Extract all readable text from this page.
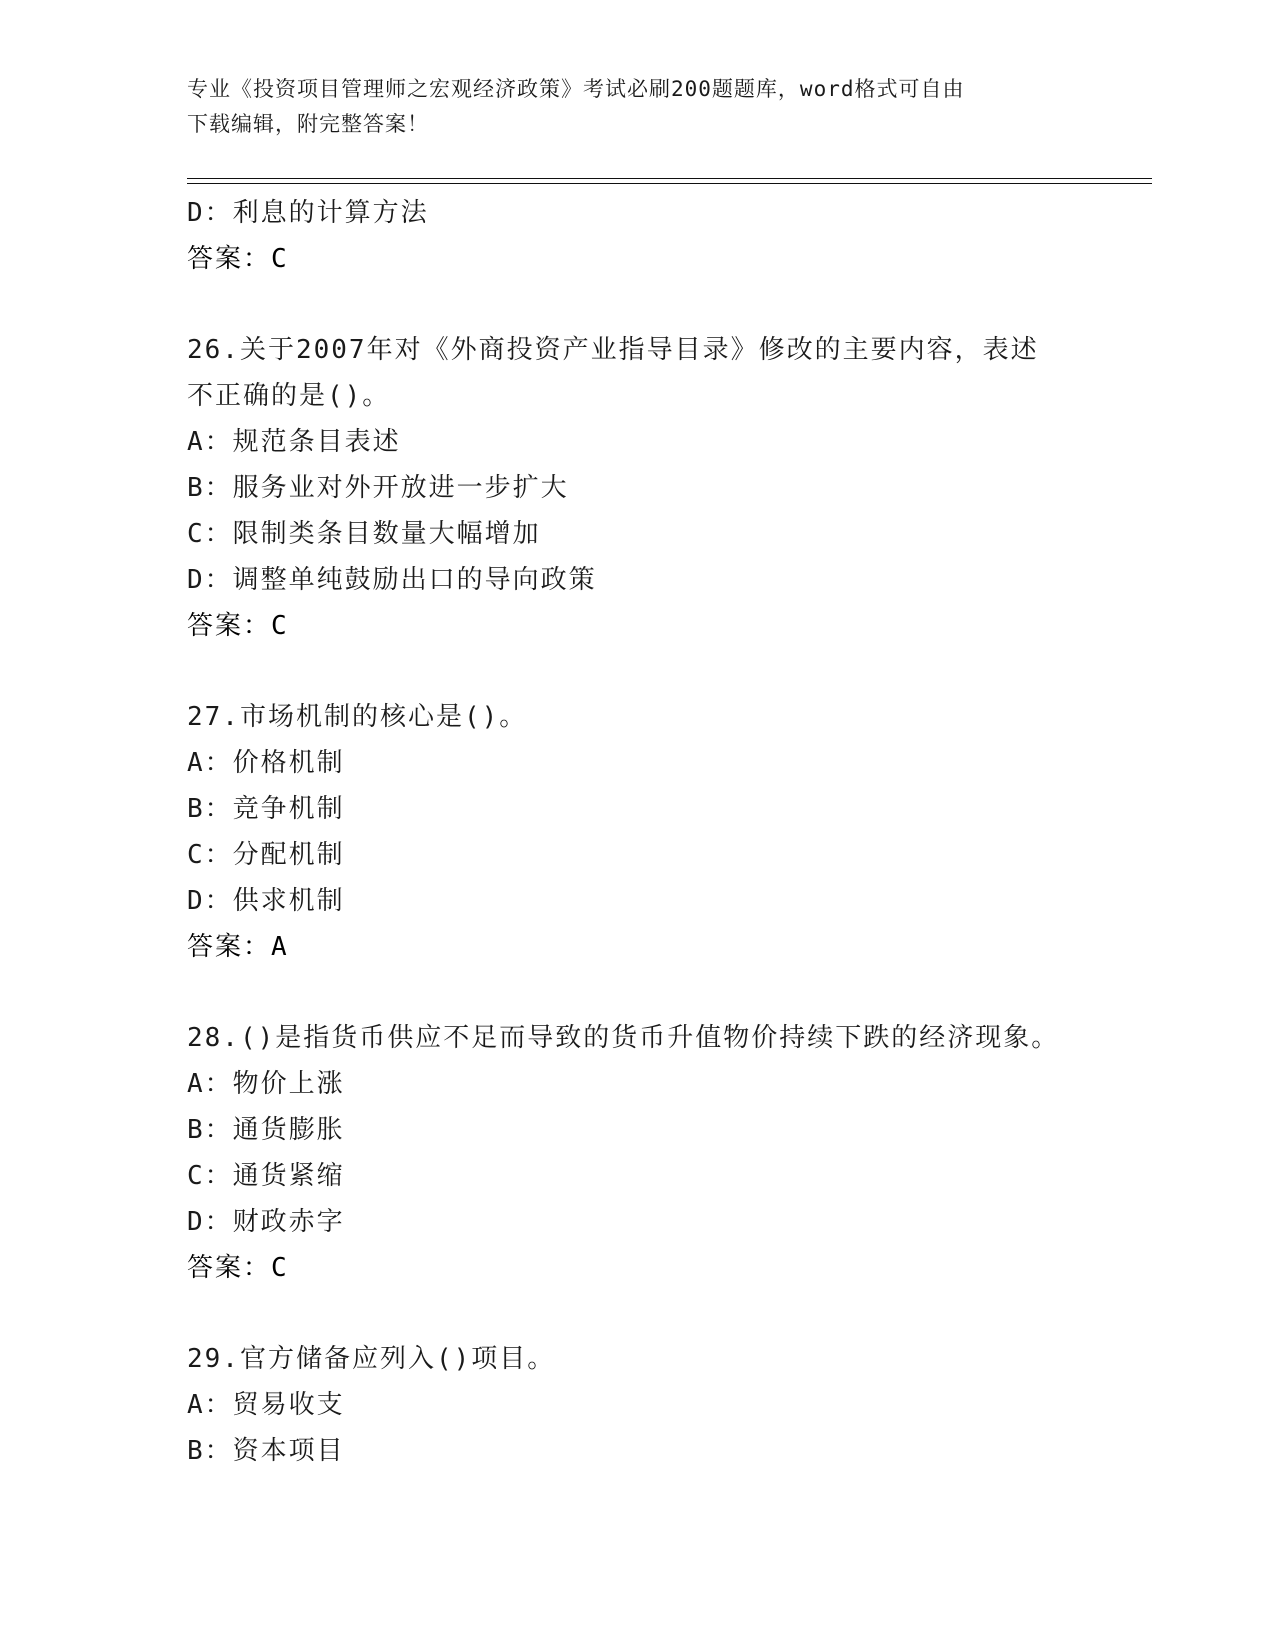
专业《投资项目管理师之宏观经济政策》考试必刷200题题库，word格式可自由
下载编辑，附完整答案！
D：利息的计算方法
答案：C
26.关于2007年对《外商投资产业指导目录》修改的主要内容，表述
不正确的是()。
A：规范条目表述
B：服务业对外开放进一步扩大
C：限制类条目数量大幅增加
D：调整单纯鼓励出口的导向政策
答案：C
27.市场机制的核心是()。
A：价格机制
B：竞争机制
C：分配机制
D：供求机制
答案：A
28.()是指货币供应不足而导致的货币升值物价持续下跌的经济现象。
A：物价上涨
B：通货膨胀
C：通货紧缩
D：财政赤字
答案：C
29.官方储备应列入()项目。
A：贸易收支
B：资本项目
